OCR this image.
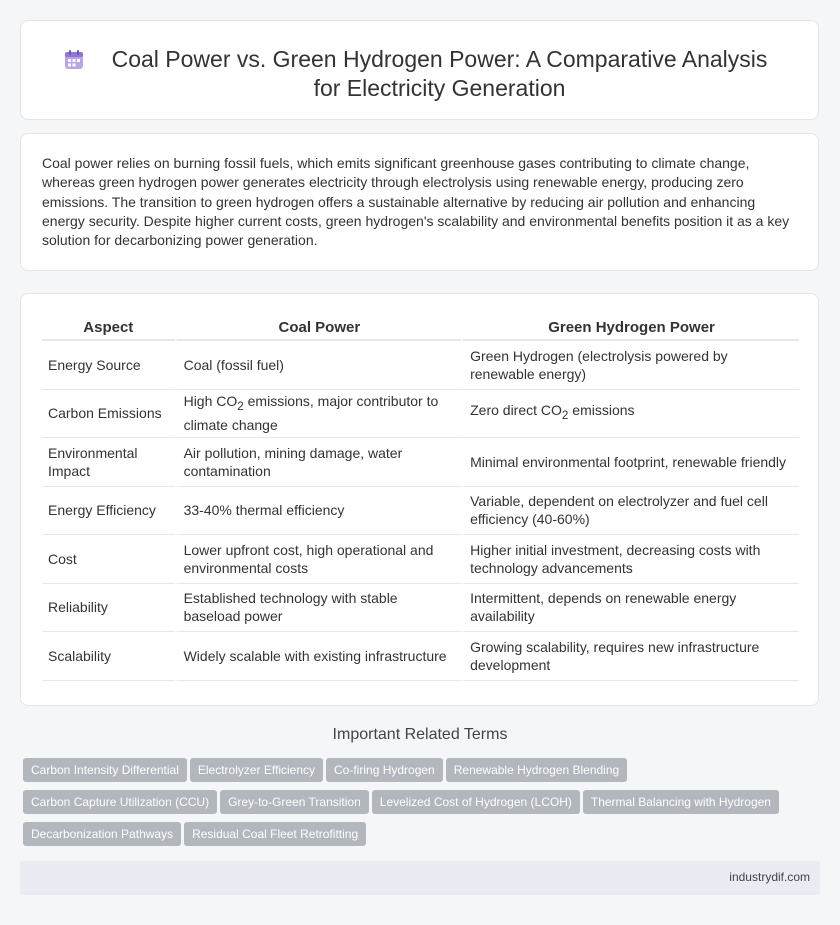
Coal Power vs. Green Hydrogen Power: A Comparative Analysis for Electricity Generation

Coal power relies on burning fossil fuels, which emits significant greenhouse gases contributing to climate change, whereas green hydrogen power generates electricity through electrolysis using renewable energy, producing zero emissions. The transition to green hydrogen offers a sustainable alternative by reducing air pollution and enhancing energy security. Despite higher current costs, green hydrogen's scalability and environmental benefits position it as a key solution for decarbonizing power generation.

Aspect	Coal Power	Green Hydrogen Power
Energy Source	Coal (fossil fuel)	Green Hydrogen (electrolysis powered by renewable energy)
Carbon Emissions	High $CO_2$ emissions, major contributor to climate change	Zero direct $CO_2$ emissions
Environmental Impact	Air pollution, mining damage, water contamination	Minimal environmental footprint, renewable friendly
Energy Efficiency	33-40% thermal efficiency	Variable, dependent on electrolyzer and fuel cell efficiency (40-60%)
Cost	Lower upfront cost, high operational and environmental costs	Higher initial investment, decreasing costs with technology advancements
Reliability	Established technology with stable baseload power	Intermittent, depends on renewable energy availability
Scalability	Widely scalable with existing infrastructure	Growing scalability, requires new infrastructure development
Important Related Terms
Carbon Intensity Differential Electrolyzer Efficiency Co-firing Hydrogen Renewable Hydrogen Blending
Carbon Capture Utilization (CCU) Grey-to-Green Transition Levelized Cost of Hydrogen (LCOH) Thermal Balancing with Hydrogen
Decarbonization Pathways Residual Coal Fleet Retrofitting
industrydif.com
